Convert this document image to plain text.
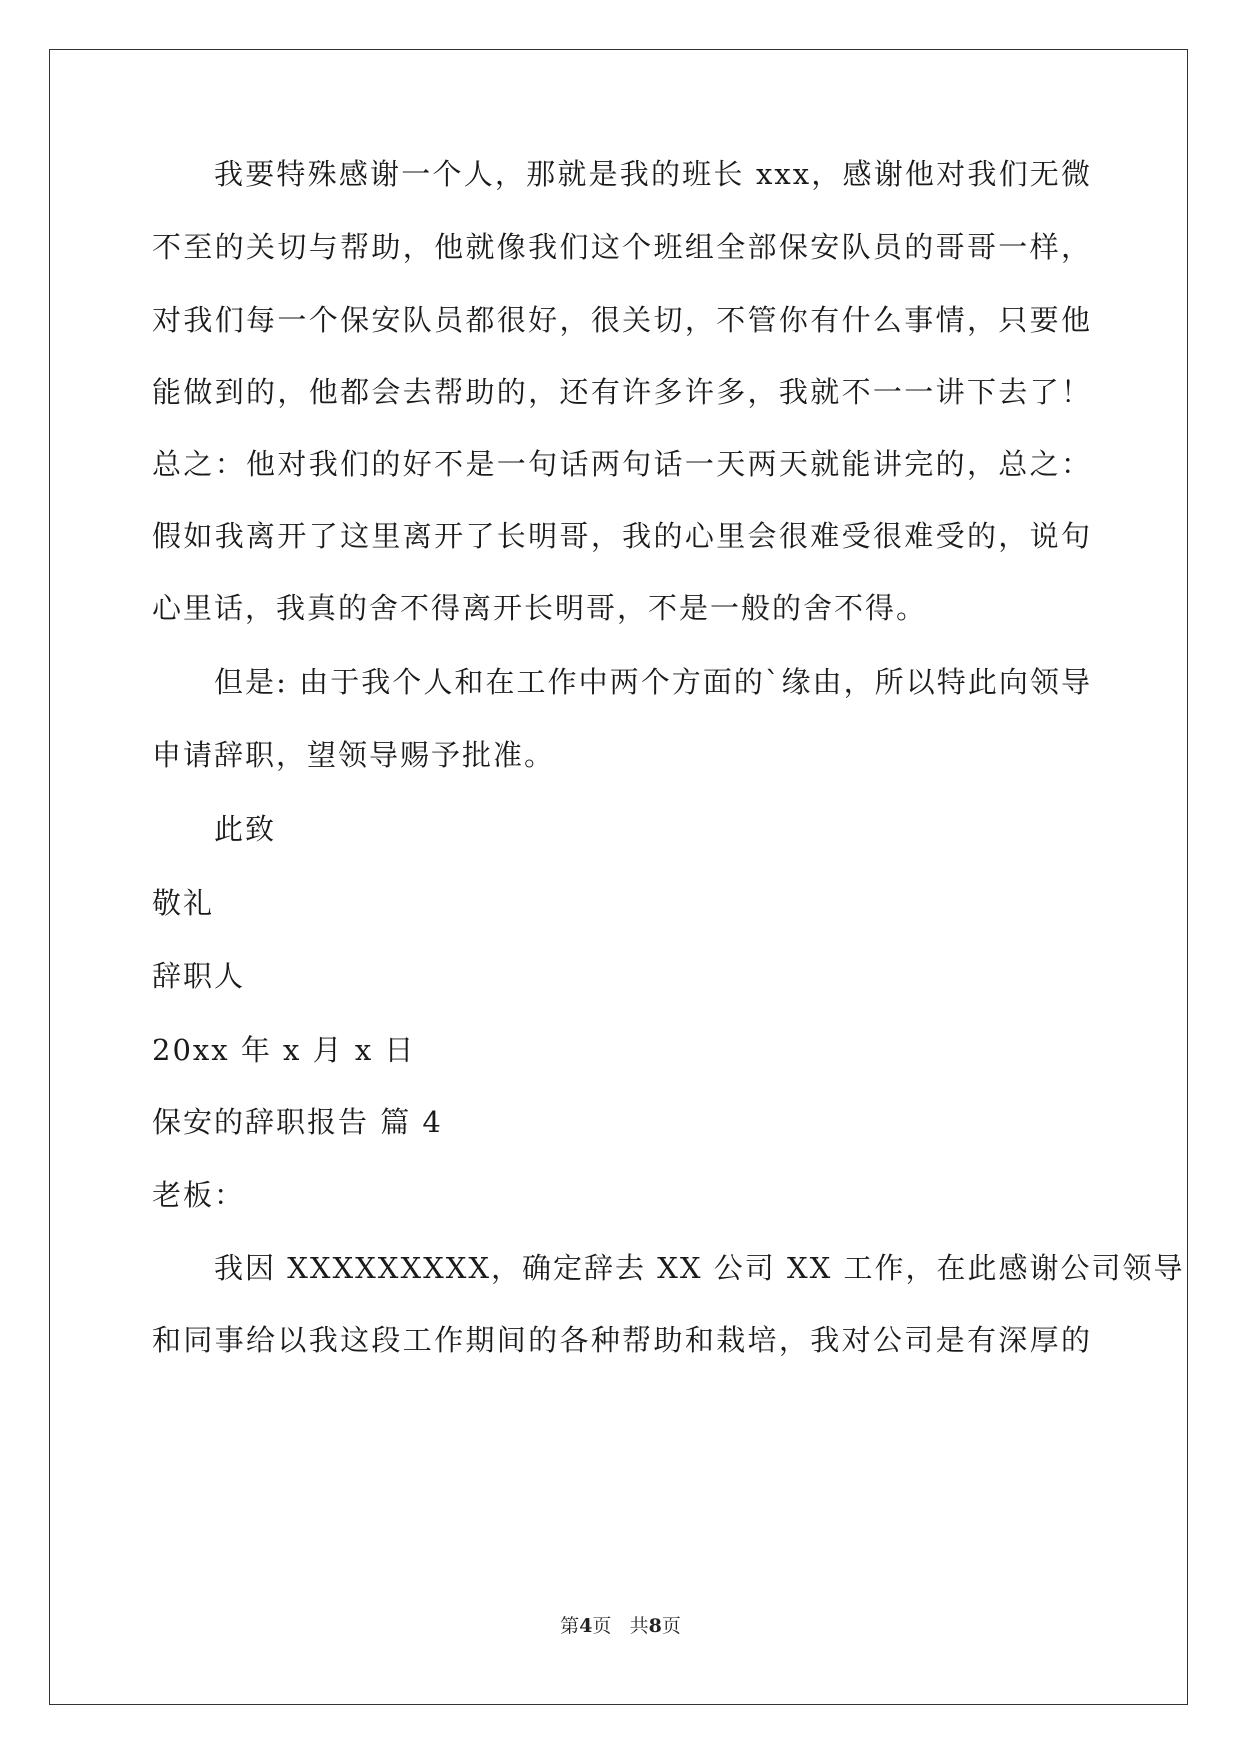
我要特殊感谢一个人，那就是我的班长 xxx，感谢他对我们无微
不至的关切与帮助，他就像我们这个班组全部保安队员的哥哥一样，
对我们每一个保安队员都很好，很关切，不管你有什么事情，只要他
能做到的，他都会去帮助的，还有许多许多，我就不一一讲下去了！
总之：他对我们的好不是一句话两句话一天两天就能讲完的，总之：
假如我离开了这里离开了长明哥，我的心里会很难受很难受的，说句
心里话，我真的舍不得离开长明哥，不是一般的舍不得。
但是: 由于我个人和在工作中两个方面的`缘由，所以特此向领导
申请辞职，望领导赐予批准。
此致
敬礼
辞职人
20xx 年 x 月 x 日
保安的辞职报告 篇 4
老板：
我因 XXXXXXXXX，确定辞去 XX 公司 XX 工作，在此感谢公司领导
和同事给以我这段工作期间的各种帮助和栽培，我对公司是有深厚的
第4页 共8页
